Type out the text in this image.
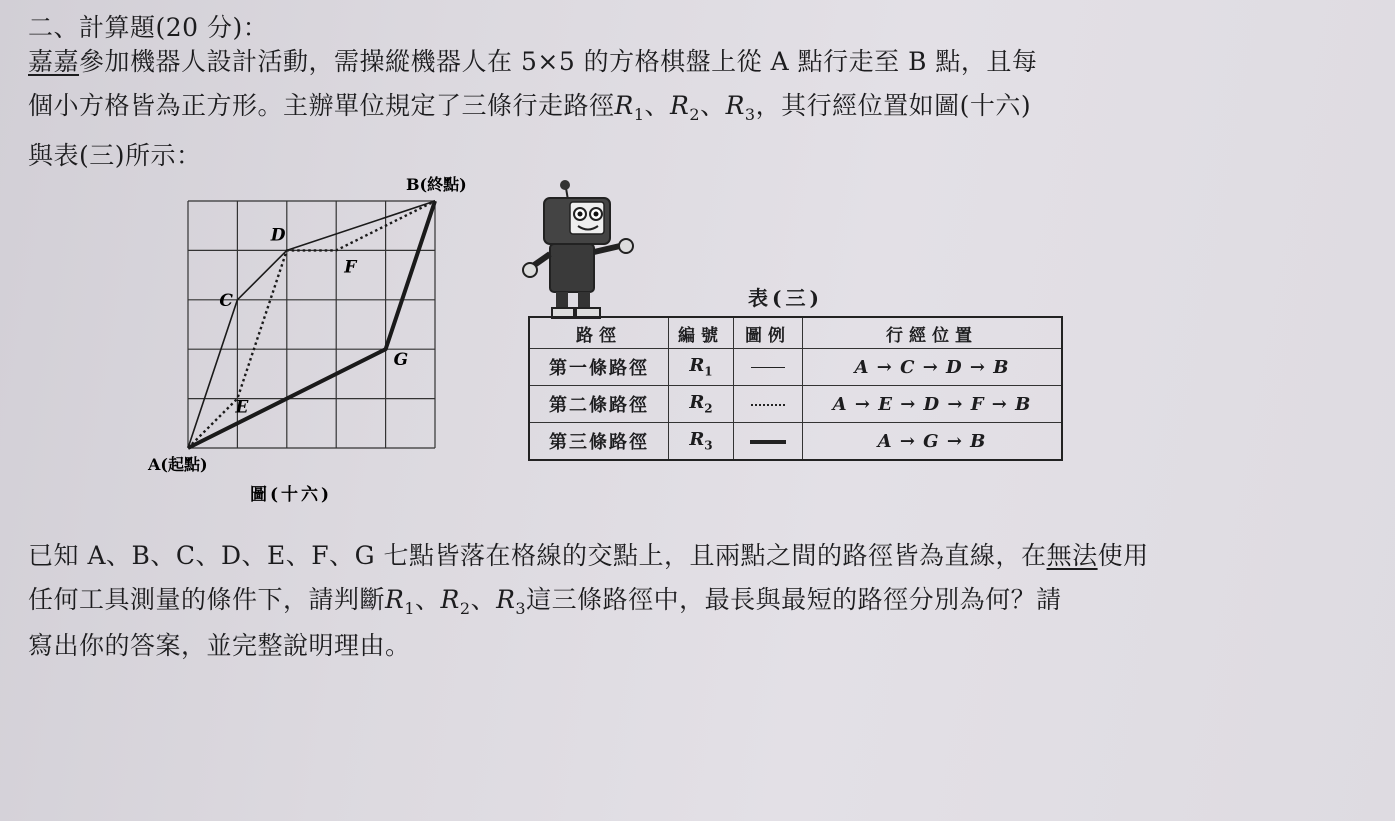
二、計算題(20 分)：
嘉嘉參加機器人設計活動，需操縱機器人在 5×5 的方格棋盤上從 A 點行走至 B 點，且每
個小方格皆為正方形。主辦單位規定了三條行走路徑$R_1$、$R_2$、$R_3$，其行經位置如圖(十六)
與表(三)所示：
C
D
E
F
G
A(起點)
B(終點)
圖(十六)
表(三)
路徑	編號	圖例	行經位置
第一條路徑	$R_1$		A → C → D → B
第二條路徑	$R_2$		A → E → D → F → B
第三條路徑	$R_3$		A → G → B
已知 A、B、C、D、E、F、G 七點皆落在格線的交點上，且兩點之間的路徑皆為直線，在無法使用
任何工具測量的條件下，請判斷$R_1$、$R_2$、$R_3$這三條路徑中，最長與最短的路徑分別為何？請
寫出你的答案，並完整說明理由。
